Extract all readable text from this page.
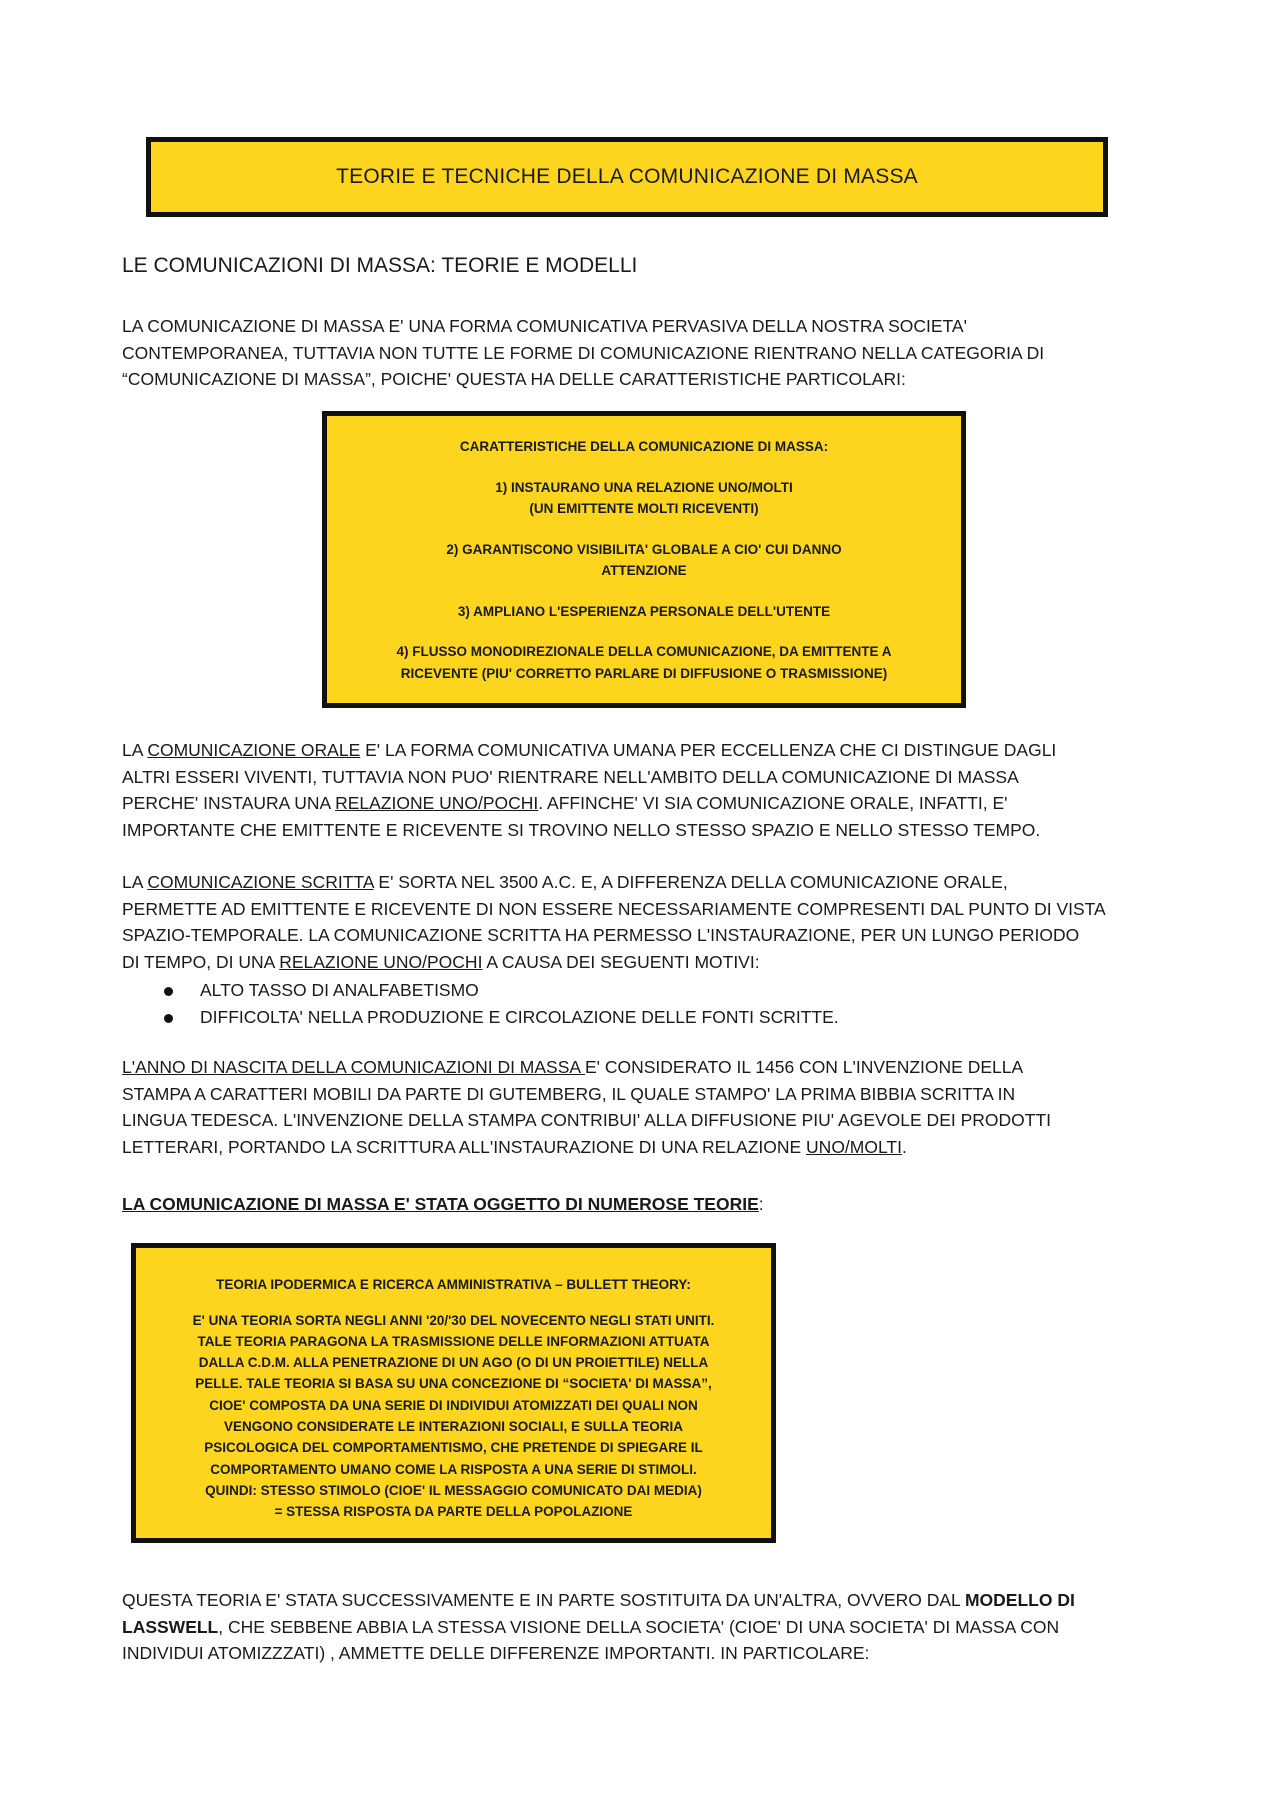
TEORIE E TECNICHE DELLA COMUNICAZIONE DI MASSA
LE COMUNICAZIONI DI MASSA: TEORIE E MODELLI
LA COMUNICAZIONE DI MASSA E' UNA FORMA COMUNICATIVA PERVASIVA DELLA NOSTRA SOCIETA'
CONTEMPORANEA, TUTTAVIA NON TUTTE LE FORME DI COMUNICAZIONE RIENTRANO NELLA CATEGORIA DI
“COMUNICAZIONE DI MASSA”, POICHE' QUESTA HA DELLE CARATTERISTICHE PARTICOLARI:
CARATTERISTICHE DELLA COMUNICAZIONE DI MASSA:
1) INSTAURANO UNA RELAZIONE UNO/MOLTI
(UN EMITTENTE MOLTI RICEVENTI)
2) GARANTISCONO VISIBILITA' GLOBALE A CIO' CUI DANNO
ATTENZIONE
3) AMPLIANO L'ESPERIENZA PERSONALE DELL'UTENTE
4) FLUSSO MONODIREZIONALE DELLA COMUNICAZIONE, DA EMITTENTE A
RICEVENTE (PIU' CORRETTO PARLARE DI DIFFUSIONE O TRASMISSIONE)
LA COMUNICAZIONE ORALE E' LA FORMA COMUNICATIVA UMANA PER ECCELLENZA CHE CI DISTINGUE DAGLI
ALTRI ESSERI VIVENTI, TUTTAVIA NON PUO' RIENTRARE NELL'AMBITO DELLA COMUNICAZIONE DI MASSA
PERCHE' INSTAURA UNA RELAZIONE UNO/POCHI. AFFINCHE' VI SIA COMUNICAZIONE ORALE, INFATTI, E'
IMPORTANTE CHE EMITTENTE E RICEVENTE SI TROVINO NELLO STESSO SPAZIO E NELLO STESSO TEMPO.
LA COMUNICAZIONE SCRITTA E' SORTA NEL 3500 A.C. E, A DIFFERENZA DELLA COMUNICAZIONE ORALE,
PERMETTE AD EMITTENTE E RICEVENTE DI NON ESSERE NECESSARIAMENTE COMPRESENTI DAL PUNTO DI VISTA
SPAZIO-TEMPORALE. LA COMUNICAZIONE SCRITTA HA PERMESSO L'INSTAURAZIONE, PER UN LUNGO PERIODO
DI TEMPO, DI UNA RELAZIONE UNO/POCHI A CAUSA DEI SEGUENTI MOTIVI:
ALTO TASSO DI ANALFABETISMO
DIFFICOLTA' NELLA PRODUZIONE E CIRCOLAZIONE DELLE FONTI SCRITTE.
L'ANNO DI NASCITA DELLA COMUNICAZIONI DI MASSA E' CONSIDERATO IL 1456 CON L'INVENZIONE DELLA
STAMPA A CARATTERI MOBILI DA PARTE DI GUTEMBERG, IL QUALE STAMPO' LA PRIMA BIBBIA SCRITTA IN
LINGUA TEDESCA. L'INVENZIONE DELLA STAMPA CONTRIBUI' ALLA DIFFUSIONE PIU' AGEVOLE DEI PRODOTTI
LETTERARI, PORTANDO LA SCRITTURA ALL'INSTAURAZIONE DI UNA RELAZIONE UNO/MOLTI.
LA COMUNICAZIONE DI MASSA E' STATA OGGETTO DI NUMEROSE TEORIE:
TEORIA IPODERMICA E RICERCA AMMINISTRATIVA – BULLETT THEORY:
E' UNA TEORIA SORTA NEGLI ANNI '20/'30 DEL NOVECENTO NEGLI STATI UNITI.
TALE TEORIA PARAGONA LA TRASMISSIONE DELLE INFORMAZIONI ATTUATA
DALLA C.D.M. ALLA PENETRAZIONE DI UN AGO (O DI UN PROIETTILE) NELLA
PELLE. TALE TEORIA SI BASA SU UNA CONCEZIONE DI “SOCIETA' DI MASSA”,
CIOE' COMPOSTA DA UNA SERIE DI INDIVIDUI ATOMIZZATI DEI QUALI NON
VENGONO CONSIDERATE LE INTERAZIONI SOCIALI, E SULLA TEORIA
PSICOLOGICA DEL COMPORTAMENTISMO, CHE PRETENDE DI SPIEGARE IL
COMPORTAMENTO UMANO COME LA RISPOSTA A UNA SERIE DI STIMOLI.
QUINDI: STESSO STIMOLO (CIOE' IL MESSAGGIO COMUNICATO DAI MEDIA)
= STESSA RISPOSTA DA PARTE DELLA POPOLAZIONE
QUESTA TEORIA E' STATA SUCCESSIVAMENTE E IN PARTE SOSTITUITA DA UN'ALTRA, OVVERO DAL MODELLO DI
LASSWELL, CHE SEBBENE ABBIA LA STESSA VISIONE DELLA SOCIETA' (CIOE' DI UNA SOCIETA' DI MASSA CON
INDIVIDUI ATOMIZZZATI) , AMMETTE DELLE DIFFERENZE IMPORTANTI. IN PARTICOLARE:
